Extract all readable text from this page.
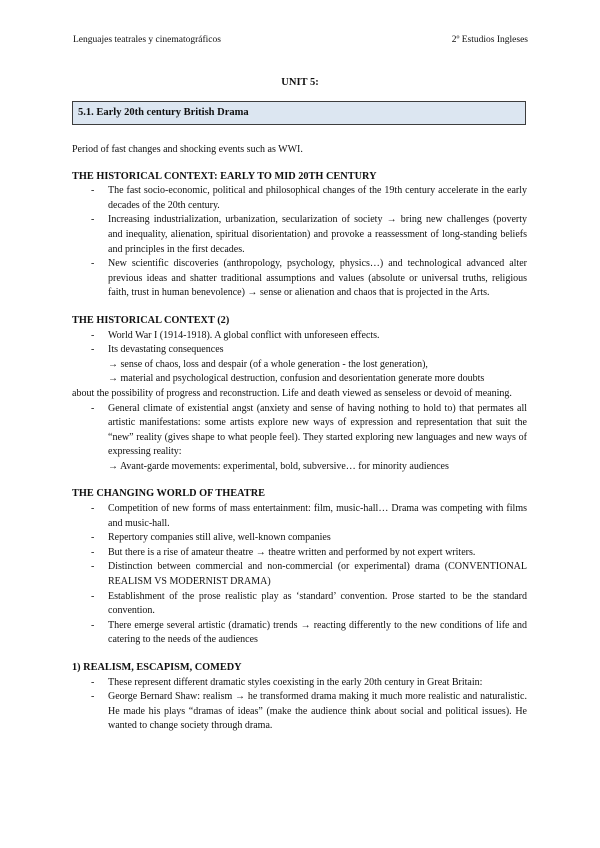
Lenguajes teatrales y cinematográficos	2º Estudios Ingleses
UNIT 5:
5.1. Early 20th century British Drama

Period of fast changes and shocking events such as WWI.

THE HISTORICAL CONTEXT: EARLY TO MID 20TH CENTURY
- The fast socio-economic, political and philosophical changes of the 19th century accelerate in the early decades of the 20th century.
- Increasing industrialization, urbanization, secularization of society → bring new challenges (poverty and inequality, alienation, spiritual disorientation) and provoke a reassessment of long-standing beliefs and principles in the first decades.
- New scientific discoveries (anthropology, psychology, physics…) and technological advanced alter previous ideas and shatter traditional assumptions and values (absolute or universal truths, religious faith, trust in human benevolence) → sense or alienation and chaos that is projected in the Arts.
THE HISTORICAL CONTEXT (2)
- World War I (1914-1918). A global conflict with unforeseen effects.
- Its devastating consequences
→ sense of chaos, loss and despair (of a whole generation - the lost generation),
→ material and psychological destruction, confusion and desorientation generate more doubts
about the possibility of progress and reconstruction. Life and death viewed as senseless or devoid of meaning.
- General climate of existential angst (anxiety and sense of having nothing to hold to) that permates all artistic manifestations: some artists explore new ways of expression and representation that suit the “new” reality (gives shape to what people feel). They started exploring new languages and new ways of expressing reality:
→ Avant-garde movements: experimental, bold, subversive… for minority audiences
THE CHANGING WORLD OF THEATRE
- Competition of new forms of mass entertainment: film, music-hall… Drama was competing with films and music-hall.
- Repertory companies still alive, well-known companies
- But there is a rise of amateur theatre → theatre written and performed by not expert writers.
- Distinction between commercial and non-commercial (or experimental) drama (CONVENTIONAL REALISM VS MODERNIST DRAMA)
- Establishment of the prose realistic play as ‘standard’ convention. Prose started to be the standard convention.
- There emerge several artistic (dramatic) trends → reacting differently to the new conditions of life and catering to the needs of the audiences
1) REALISM, ESCAPISM, COMEDY
- These represent different dramatic styles coexisting in the early 20th century in Great Britain:
- George Bernard Shaw: realism → he transformed drama making it much more realistic and naturalistic. He made his plays “dramas of ideas” (make the audience think about social and political issues). He wanted to change society through drama.
